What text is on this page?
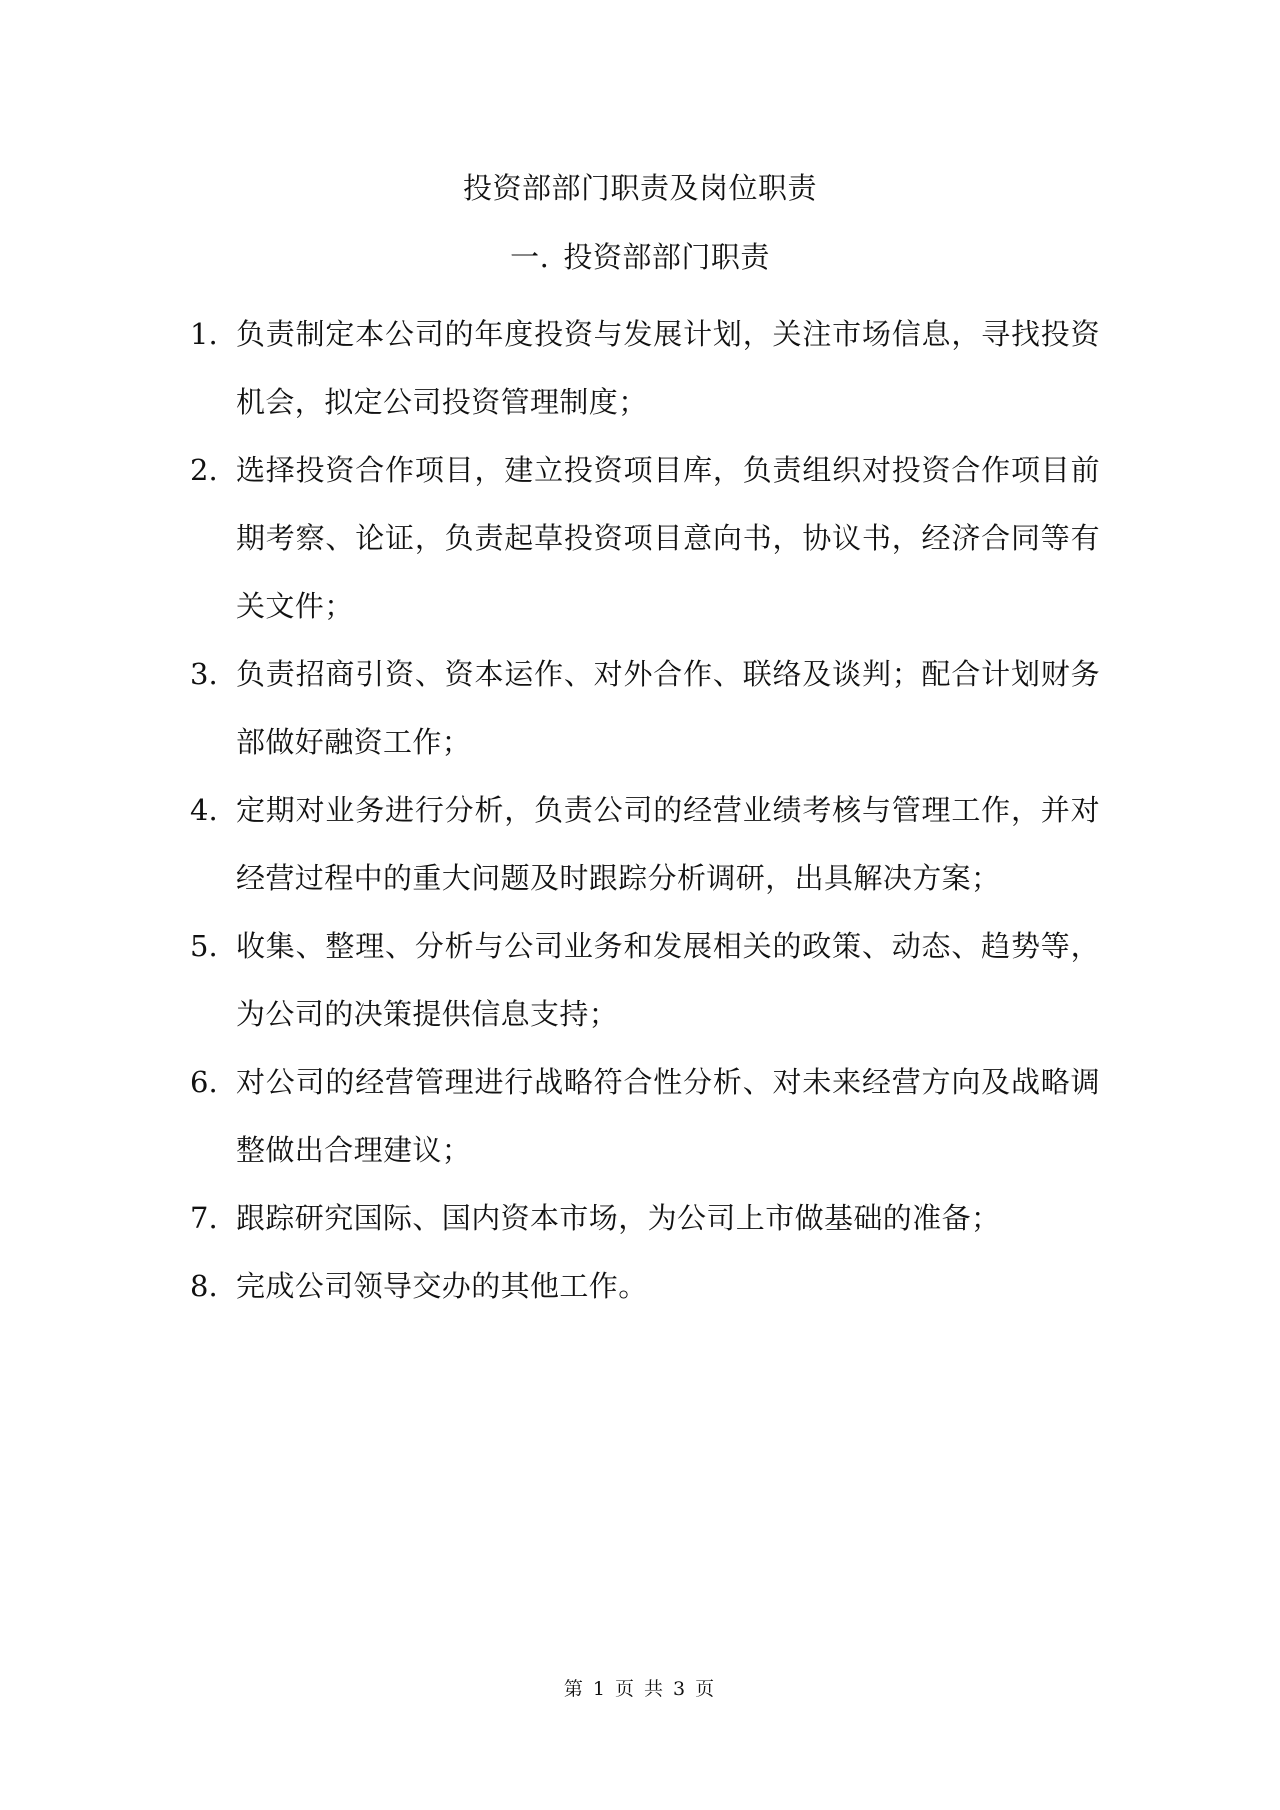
投资部部门职责及岗位职责
一. 投资部部门职责
1. 负责制定本公司的年度投资与发展计划，关注市场信息，寻找投资机会，拟定公司投资管理制度；
2. 选择投资合作项目，建立投资项目库，负责组织对投资合作项目前期考察、论证，负责起草投资项目意向书，协议书，经济合同等有关文件；
3. 负责招商引资、资本运作、对外合作、联络及谈判；配合计划财务部做好融资工作；
4. 定期对业务进行分析，负责公司的经营业绩考核与管理工作，并对经营过程中的重大问题及时跟踪分析调研，出具解决方案；
5. 收集、整理、分析与公司业务和发展相关的政策、动态、趋势等，为公司的决策提供信息支持；
6. 对公司的经营管理进行战略符合性分析、对未来经营方向及战略调整做出合理建议；
7. 跟踪研究国际、国内资本市场，为公司上市做基础的准备；
8. 完成公司领导交办的其他工作。
第 1 页 共 3 页
